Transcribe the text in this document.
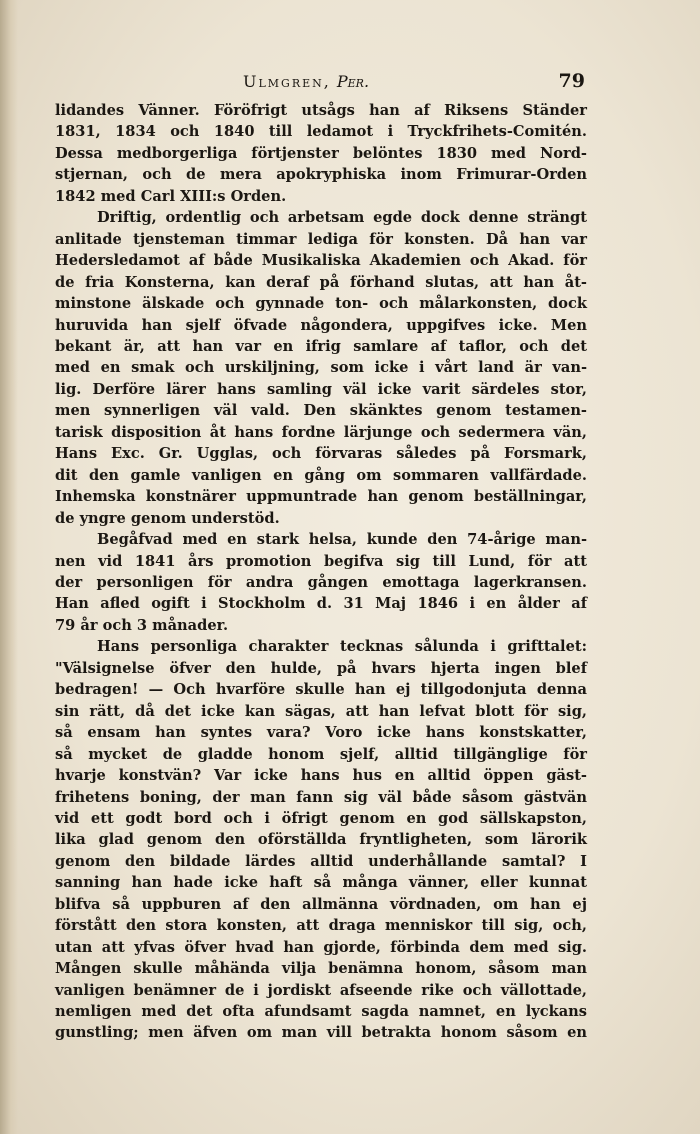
Ulmgren, Per.	79
lidandes Vänner. Föröfrigt utsågs han af Riksens Ständer
1831, 1834 och 1840 till ledamot i Tryckfrihets-Comitén.
Dessa medborgerliga förtjenster belöntes 1830 med Nord-
stjernan, och de mera apokryphiska inom Frimurar-Orden
1842 med Carl XIII:s Orden.
Driftig, ordentlig och arbetsam egde dock denne strängt
anlitade tjensteman timmar lediga för konsten. Då han var
Hedersledamot af både Musikaliska Akademien och Akad. för
de fria Konsterna, kan deraf på förhand slutas, att han åt-
minstone älskade och gynnade ton- och målarkonsten, dock
huruvida han sjelf öfvade någondera, uppgifves icke. Men
bekant är, att han var en ifrig samlare af taflor, och det
med en smak och urskiljning, som icke i vårt land är van-
lig. Derföre lärer hans samling väl icke varit särdeles stor,
men synnerligen väl vald. Den skänktes genom testamen-
tarisk disposition åt hans fordne lärjunge och sedermera vän,
Hans Exc. Gr. Ugglas, och förvaras således på Forsmark,
dit den gamle vanligen en gång om sommaren vallfärdade.
Inhemska konstnärer uppmuntrade han genom beställningar,
de yngre genom understöd.
Begåfvad med en stark helsa, kunde den 74-årige man-
nen vid 1841 års promotion begifva sig till Lund, för att
der personligen för andra gången emottaga lagerkransen.
Han afled ogift i Stockholm d. 31 Maj 1846 i en ålder af
79 år och 3 månader.
Hans personliga charakter tecknas sålunda i grifttalet:
"Välsignelse öfver den hulde, på hvars hjerta ingen blef
bedragen! — Och hvarföre skulle han ej tillgodonjuta denna
sin rätt, då det icke kan sägas, att han lefvat blott för sig,
så ensam han syntes vara? Voro icke hans konstskatter,
så mycket de gladde honom sjelf, alltid tillgänglige för
hvarje konstvän? Var icke hans hus en alltid öppen gäst-
frihetens boning, der man fann sig väl både såsom gästvän
vid ett godt bord och i öfrigt genom en god sällskapston,
lika glad genom den oförställda fryntligheten, som lärorik
genom den bildade lärdes alltid underhållande samtal? I
sanning han hade icke haft så många vänner, eller kunnat
blifva så uppburen af den allmänna vördnaden, om han ej
förstått den stora konsten, att draga menniskor till sig, och,
utan att yfvas öfver hvad han gjorde, förbinda dem med sig.
Mången skulle måhända vilja benämna honom, såsom man
vanligen benämner de i jordiskt afseende rike och vällottade,
nemligen med det ofta afundsamt sagda namnet, en lyckans
gunstling; men äfven om man vill betrakta honom såsom en
